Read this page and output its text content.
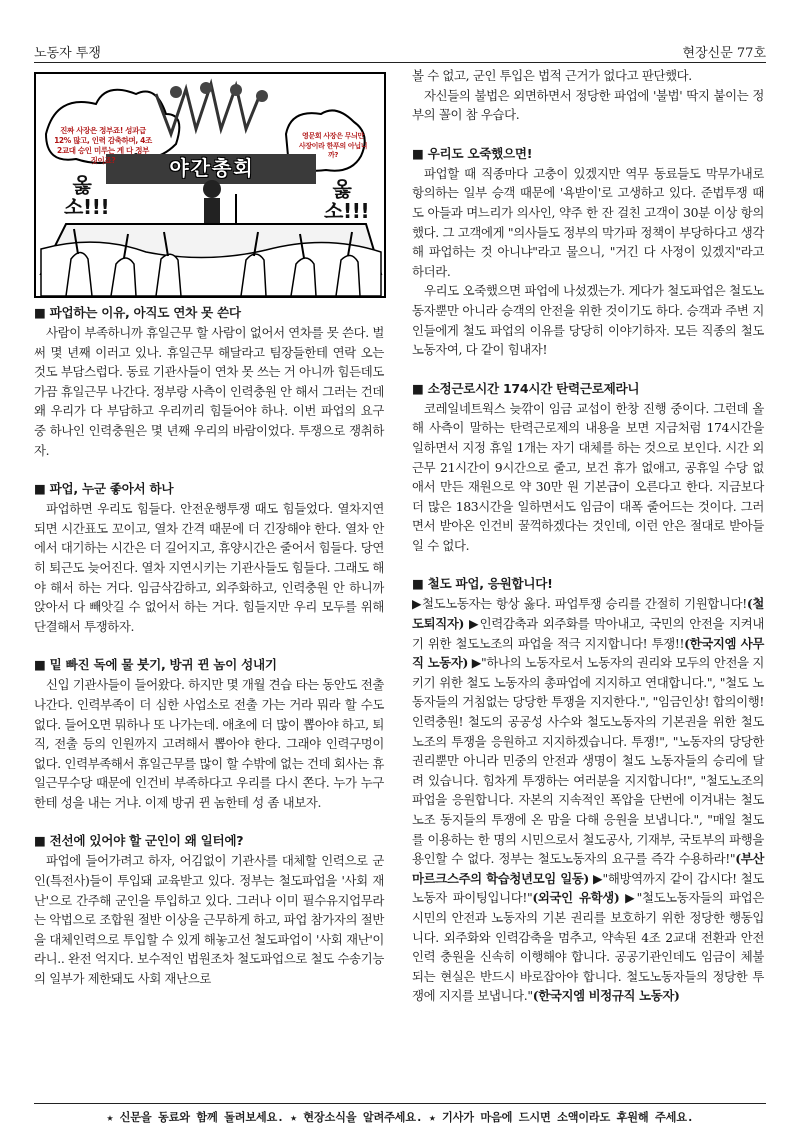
노동자 투쟁	현장신문 77호
진짜 사장은 정부죠! 성과급 12% 많고, 인력 감축하며, 4조 2교대 승인 미루는 게 다 정부 짓이죠?
영문회 사장은 무늬만 사장이라 한푸의 아닙니까?
야간총회
옳소!!!
옳소!!!
■ 파업하는 이유, 아직도 연차 못 쓴다

사람이 부족하니까 휴일근무 할 사람이 없어서 연차를 못 쓴다. 벌써 몇 년째 이러고 있나. 휴일근무 해달라고 팀장들한테 연락 오는 것도 부담스럽다. 동료 기관사들이 연차 못 쓰는 거 아니까 힘든데도 가끔 휴일근무 나간다. 정부랑 사측이 인력충원 안 해서 그러는 건데 왜 우리가 다 부담하고 우리끼리 힘들어야 하나. 이번 파업의 요구 중 하나인 인력충원은 몇 년째 우리의 바람이었다. 투쟁으로 쟁취하자.

■ 파업, 누군 좋아서 하나

파업하면 우리도 힘들다. 안전운행투쟁 때도 힘들었다. 열차지연되면 시간표도 꼬이고, 열차 간격 때문에 더 긴장해야 한다. 열차 안에서 대기하는 시간은 더 길어지고, 휴양시간은 줄어서 힘들다. 당연히 퇴근도 늦어진다. 열차 지연시키는 기관사들도 힘들다. 그래도 해야 해서 하는 거다. 임금삭감하고, 외주화하고, 인력충원 안 하니까 앉아서 다 빼앗길 수 없어서 하는 거다. 힘들지만 우리 모두를 위해 단결해서 투쟁하자.

■ 밑 빠진 독에 물 붓기, 방귀 뀐 놈이 성내기

신입 기관사들이 들어왔다. 하지만 몇 개월 견습 타는 동안도 전출 나간다. 인력부족이 더 심한 사업소로 전출 가는 거라 뭐라 할 수도 없다. 들어오면 뭐하나 또 나가는데. 애초에 더 많이 뽑아야 하고, 퇴직, 전출 등의 인원까지 고려해서 뽑아야 한다. 그래야 인력구멍이 없다. 인력부족해서 휴일근무를 많이 할 수밖에 없는 건데 회사는 휴일근무수당 때문에 인건비 부족하다고 우리를 다시 쫀다. 누가 누구한테 성을 내는 거냐. 이제 방귀 뀐 놈한테 성 좀 내보자.

■ 전선에 있어야 할 군인이 왜 일터에?

파업에 들어가려고 하자, 어김없이 기관사를 대체할 인력으로 군인(특전사)들이 투입돼 교육받고 있다. 정부는 철도파업을 '사회 재난'으로 간주해 군인을 투입하고 있다. 그러나 이미 필수유지업무라는 악법으로 조합원 절반 이상을 근무하게 하고, 파업 참가자의 절반을 대체인력으로 투입할 수 있게 해놓고선 철도파업이 '사회 재난'이라니.. 완전 억지다. 보수적인 법원조차 철도파업으로 철도 수송기능의 일부가 제한돼도 사회 재난으로

볼 수 없고, 군인 투입은 법적 근거가 없다고 판단했다.

자신들의 불법은 외면하면서 정당한 파업에 '불법' 딱지 붙이는 정부의 꼴이 참 우습다.

■ 우리도 오죽했으면!

파업할 때 직종마다 고충이 있겠지만 역무 동료들도 막무가내로 항의하는 일부 승객 때문에 '욕받이'로 고생하고 있다. 준법투쟁 때도 아들과 며느리가 의사인, 약주 한 잔 걸친 고객이 30분 이상 항의했다. 그 고객에게 "의사들도 정부의 막가파 정책이 부당하다고 생각해 파업하는 것 아니냐"라고 물으니, "거긴 다 사정이 있겠지"라고 하더라.

우리도 오죽했으면 파업에 나섰겠는가. 게다가 철도파업은 철도노동자뿐만 아니라 승객의 안전을 위한 것이기도 하다. 승객과 주변 지인들에게 철도 파업의 이유를 당당히 이야기하자. 모든 직종의 철도노동자여, 다 같이 힘내자!

■ 소정근로시간 174시간 탄력근로제라니

코레일네트웍스 늦깎이 임금 교섭이 한창 진행 중이다. 그런데 올해 사측이 말하는 탄력근로제의 내용을 보면 지금처럼 174시간을 일하면서 지정 휴일 1개는 자기 대체를 하는 것으로 보인다. 시간 외 근무 21시간이 9시간으로 줄고, 보건 휴가 없애고, 공휴일 수당 없애서 만든 재원으로 약 30만 원 기본급이 오른다고 한다. 지금보다 더 많은 183시간을 일하면서도 임금이 대폭 줄어드는 것이다. 그러면서 받아온 인건비 꿀꺽하겠다는 것인데, 이런 안은 절대로 받아들일 수 없다.

■ 철도 파업, 응원합니다!

▶철도노동자는 항상 옳다. 파업투쟁 승리를 간절히 기원합니다!(철도퇴직자) ▶인력감축과 외주화를 막아내고, 국민의 안전을 지켜내기 위한 철도노조의 파업을 적극 지지합니다! 투쟁!!(한국지엠 사무직 노동자) ▶"하나의 노동자로서 노동자의 권리와 모두의 안전을 지키기 위한 철도 노동자의 총파업에 지지하고 연대합니다.", "철도 노동자들의 거침없는 당당한 투쟁을 지지한다.", "임금인상! 합의이행! 인력충원! 철도의 공공성 사수와 철도노동자의 기본권을 위한 철도노조의 투쟁을 응원하고 지지하겠습니다. 투쟁!", "노동자의 당당한 권리뿐만 아니라 민중의 안전과 생명이 철도 노동자들의 승리에 달려 있습니다. 힘차게 투쟁하는 여러분을 지지합니다!", "철도노조의 파업을 응원합니다. 자본의 지속적인 폭압을 단번에 이겨내는 철도노조 동지들의 투쟁에 온 맘을 다해 응원을 보냅니다.", "매일 철도를 이용하는 한 명의 시민으로서 철도공사, 기재부, 국토부의 파행을 용인할 수 없다. 정부는 철도노동자의 요구를 즉각 수용하라!"(부산 마르크스주의 학습청년모임 일동) ▶"해방역까지 같이 갑시다! 철도 노동자 파이팅입니다!"(외국인 유학생) ▶"철도노동자들의 파업은 시민의 안전과 노동자의 기본 권리를 보호하기 위한 정당한 행동입니다. 외주화와 인력감축을 멈추고, 약속된 4조 2교대 전환과 안전 인력 충원을 신속히 이행해야 합니다. 공공기관인데도 임금이 체불되는 현실은 반드시 바로잡아야 합니다. 철도노동자들의 정당한 투쟁에 지지를 보냅니다."(한국지엠 비정규직 노동자)

★ 신문을 동료와 함께 돌려보세요. ★ 현장소식을 알려주세요. ★ 기사가 마음에 드시면 소액이라도 후원해 주세요.
